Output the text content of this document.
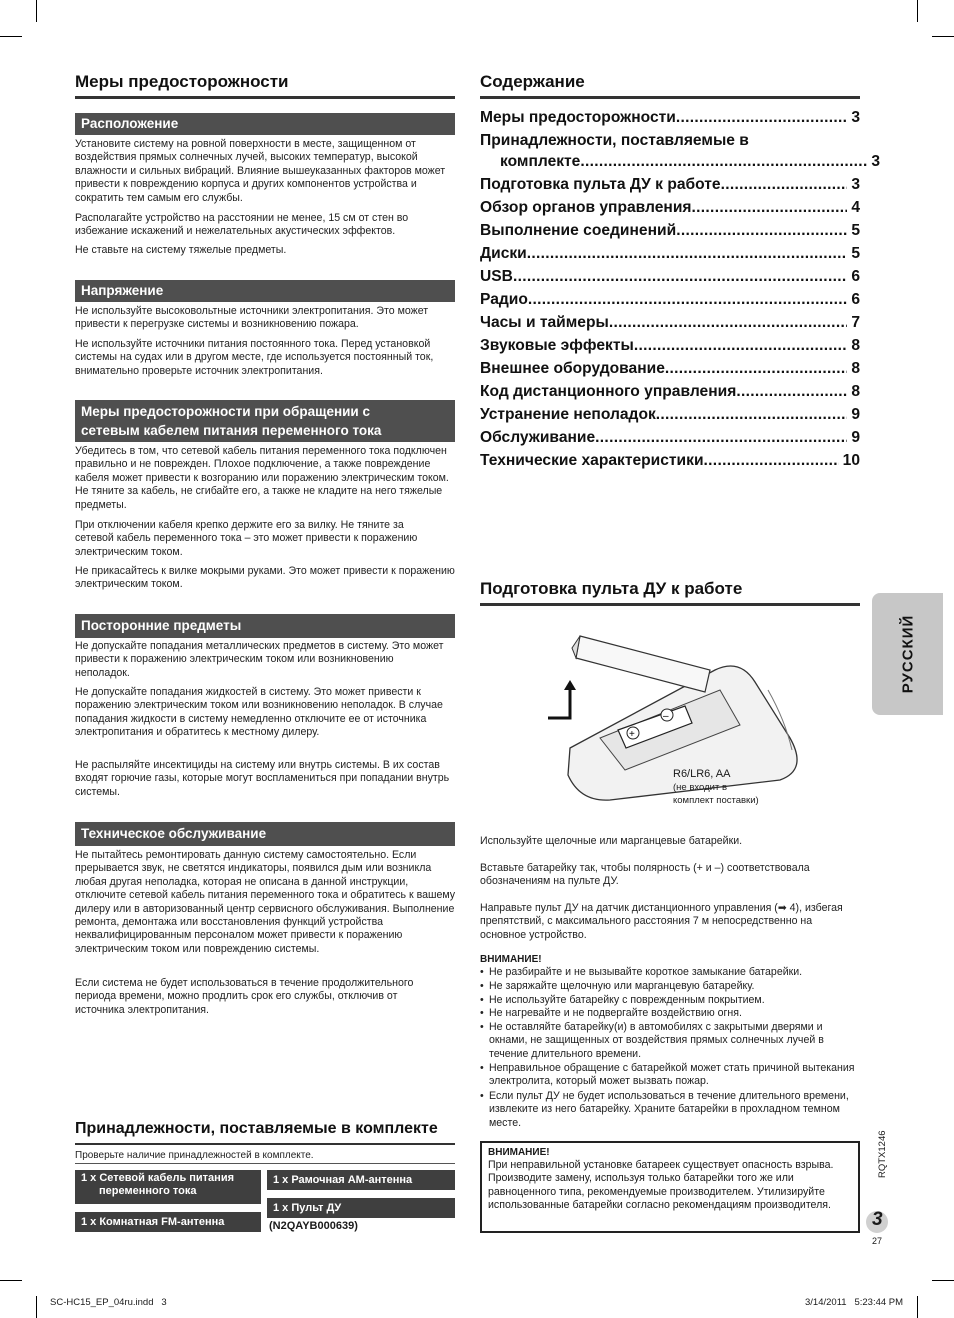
Меры предосторожности
Расположение
Установите систему на ровной поверхности в месте, защищенном от воздействия прямых солнечных лучей, высоких температур, высокой влажности и сильных вибраций. Влияние вышеуказанных факторов может привести к повреждению корпуса и других компонентов устройства и сократить тем самым его службы.
Располагайте устройство на расстоянии не менее, 15 см от стен во избежание искажений и нежелательных акустических эффектов.
Не ставьте на систему тяжелые предметы.
Напряжение
Не используйте высоковольтные источники электропитания. Это может привести к перегрузке системы и возникновению пожара.
Не используйте источники питания постоянного тока. Перед установкой системы на судах или в другом месте, где используется постоянный ток, внимательно проверьте источник электропитания.
Меры предосторожности при обращении с
сетевым кабелем питания переменного тока
Убедитесь в том, что сетевой кабель питания переменного тока подключен правильно и не поврежден. Плохое подключение, а также повреждение кабеля может привести к возгоранию или поражению электрическим током. Не тяните за кабель, не сгибайте его, а также не кладите на него тяжелые предметы.
При отключении кабеля крепко держите его за вилку. Не тяните за сетевой кабель переменного тока – это может привести к поражению электрическим током.
Не прикасайтесь к вилке мокрыми руками. Это может привести к поражению электрическим током.
Посторонние предметы
Не допускайте попадания металлических предметов в систему. Это может привести к поражению электрическим током или возникновению неполадок.
Не допускайте попадания жидкостей в систему. Это может привести к поражению электрическим током или возникновению неполадок. В случае попадания жидкости в систему немедленно отключите ее от источника электропитания и обратитесь к местному дилеру.
Не распыляйте инсектициды на систему или внутрь системы. В их состав входят горючие газы, которые могут воспламениться при попадании внутрь системы.
Техническое обслуживание
Не пытайтесь ремонтировать данную систему самостоятельно. Если прерывается звук, не светятся индикаторы, появился дым или возникла любая другая неполадка, которая не описана в данной инструкции, отключите сетевой кабель питания переменного тока и обратитесь к вашему дилеру или в авторизованный центр сервисного обслуживания. Выполнение ремонта, демонтажа или восстановления функций устройства неквалифицированным персоналом может привести к поражению электрическим током или повреждению системы.
Если система не будет использоваться в течение продолжительного периода времени, можно продлить срок его службы, отключив от источника электропитания.
Принадлежности, поставляемые в комплекте
Проверьте наличие принадлежностей в комплекте.
1 x Сетевой кабель питания
переменного тока
1 x Комнатная FM-антенна
1 x Рамочная AM-антенна
1 x Пульт ДУ
(N2QAYB000639)
Содержание
Меры предосторожности .....	3
Принадлежности, поставляемые в
комплекте .....	3
Подготовка пульта ДУ к работе .....	3
Обзор органов управления .....	4
Выполнение соединений .....	5
Диски .....	5
USB .....	6
Радио .....	6
Часы и таймеры .....	7
Звуковые эффекты .....	8
Внешнее оборудование .....	8
Код дистанционного управления .....	8
Устранение неполадок .....	9
Обслуживание .....	9
Технические характеристики .....	10
Подготовка пульта ДУ к работе
+
–
R6/LR6, AA
(не входит в
комплект поставки)
Используйте щелочные или марганцевые батарейки.
Вставьте батарейку так, чтобы полярность (+ и –) соответствовала обозначениям на пульте ДУ.
Направьте пульт ДУ на датчик дистанционного управления (➡ 4), избегая препятствий, с максимального расстояния 7 м непосредственно на основное устройство.
ВНИМАНИЕ!
• Не разбирайте и не вызывайте короткое замыкание батарейки.
• Не заряжайте щелочную или марганцевую батарейку.
• Не используйте батарейку с поврежденным покрытием.
• Не нагревайте и не подвергайте воздействию огня.
• Не оставляйте батарейку(и) в автомобилях с закрытыми дверями и окнами, не защищенных от воздействия прямых солнечных лучей в течение длительного времени.
• Неправильное обращение с батарейкой может стать причиной вытекания электролита, который может вызвать пожар.
• Если пульт ДУ не будет использоваться в течение длительного времени, извлеките из него батарейку. Храните батарейки в прохладном темном месте.
ВНИМАНИЕ!
При неправильной установке батареек существует опасность взрыва. Производите замену, используя только батарейки того же или равноценного типа, рекомендуемые производителем. Утилизируйте использованные батарейки согласно рекомендациям производителя.
РУССКИЙ
RQTX1246
3
27
SC-HC15_EP_04ru.indd   3	3/14/2011   5:23:44 PM
